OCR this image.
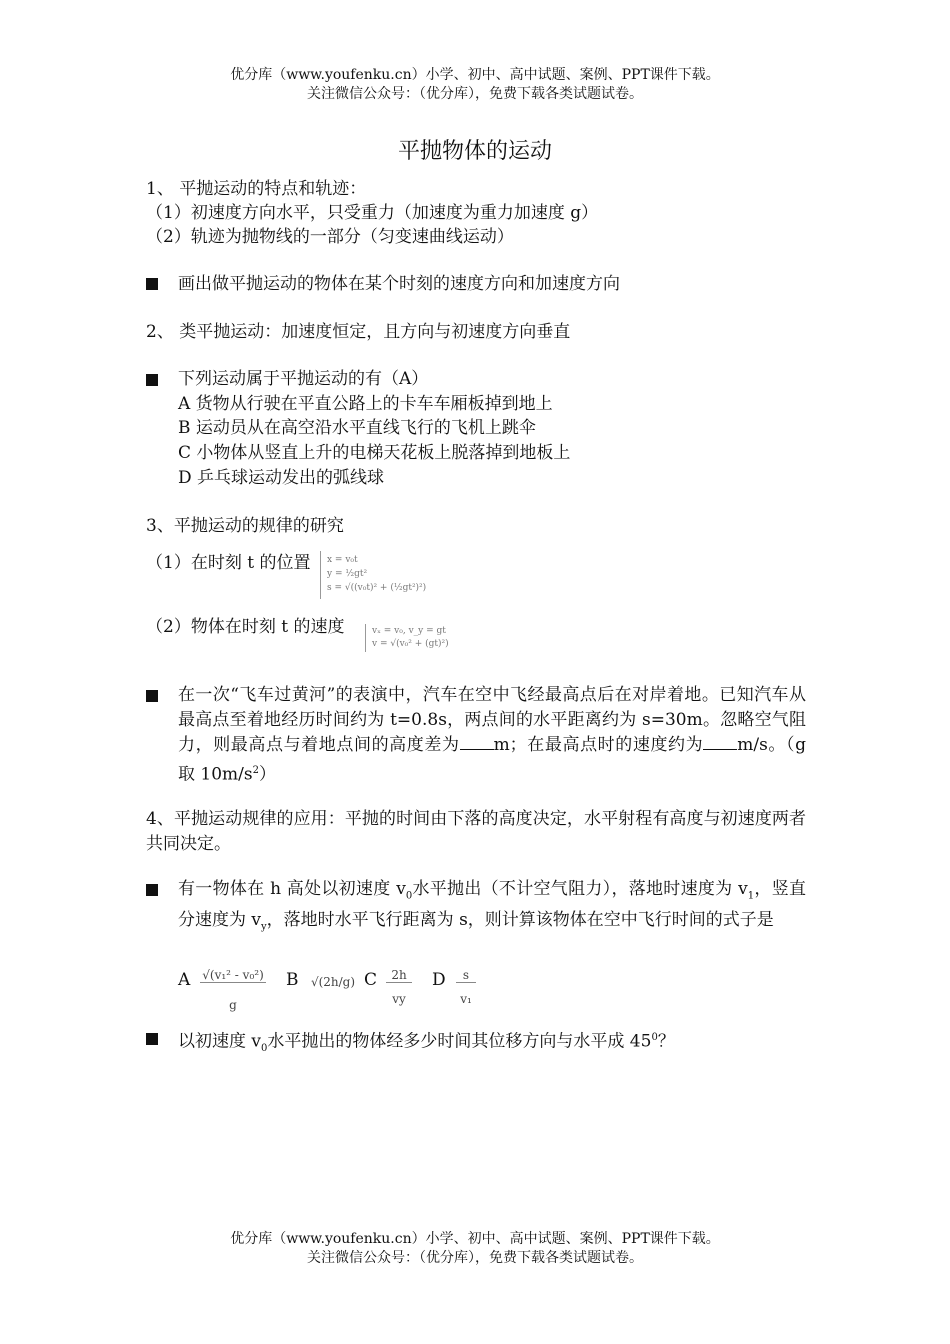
优分库（www.youfenku.cn）小学、初中、高中试题、案例、PPT课件下载。
关注微信公众号：（优分库），免费下载各类试题试卷。
平抛物体的运动
1、 平抛运动的特点和轨迹：
（1）初速度方向水平，只受重力（加速度为重力加速度 g）
（2）轨迹为抛物线的一部分（匀变速曲线运动）
画出做平抛运动的物体在某个时刻的速度方向和加速度方向
2、 类平抛运动：加速度恒定，且方向与初速度方向垂直
下列运动属于平抛运动的有（A）
A 货物从行驶在平直公路上的卡车车厢板掉到地上
B 运动员从在高空沿水平直线飞行的飞机上跳伞
C 小物体从竖直上升的电梯天花板上脱落掉到地板上
D 乒乓球运动发出的弧线球
3、平抛运动的规律的研究
（1）在时刻 t 的位置 x = v₀t
y = ½gt²
s = √((v₀t)² + (½gt²)²)
（2）物体在时刻 t 的速度	vₓ = v₀, v_y = gt
v = √(v₀² + (gt)²)
在一次“飞车过黄河”的表演中，汽车在空中飞经最高点后在对岸着地。已知汽车从最高点至着地经历时间约为 t=0.8s，两点间的水平距离约为 s=30m。忽略空气阻力，则最高点与着地点间的高度差为 m；在最高点时的速度约为 m/s。（g 取 $10m/s^2$）
4、平抛运动规律的应用：平抛的时间由下落的高度决定，水平射程有高度与初速度两者共同决定。
有一物体在 h 高处以初速度 $v_0$水平抛出（不计空气阻力），落地时速度为 $v_1$，竖直分速度为 $v_y$，落地时水平飞行距离为 s，则计算该物体在空中飞行时间的式子是
A √(v₁² - v₀²)
g
B √(2h/g) C	2h
vy
D	s
v₁
以初速度 $v_0$水平抛出的物体经多少时间其位移方向与水平成 $45^0$？
优分库（www.youfenku.cn）小学、初中、高中试题、案例、PPT课件下载。
关注微信公众号：（优分库），免费下载各类试题试卷。
